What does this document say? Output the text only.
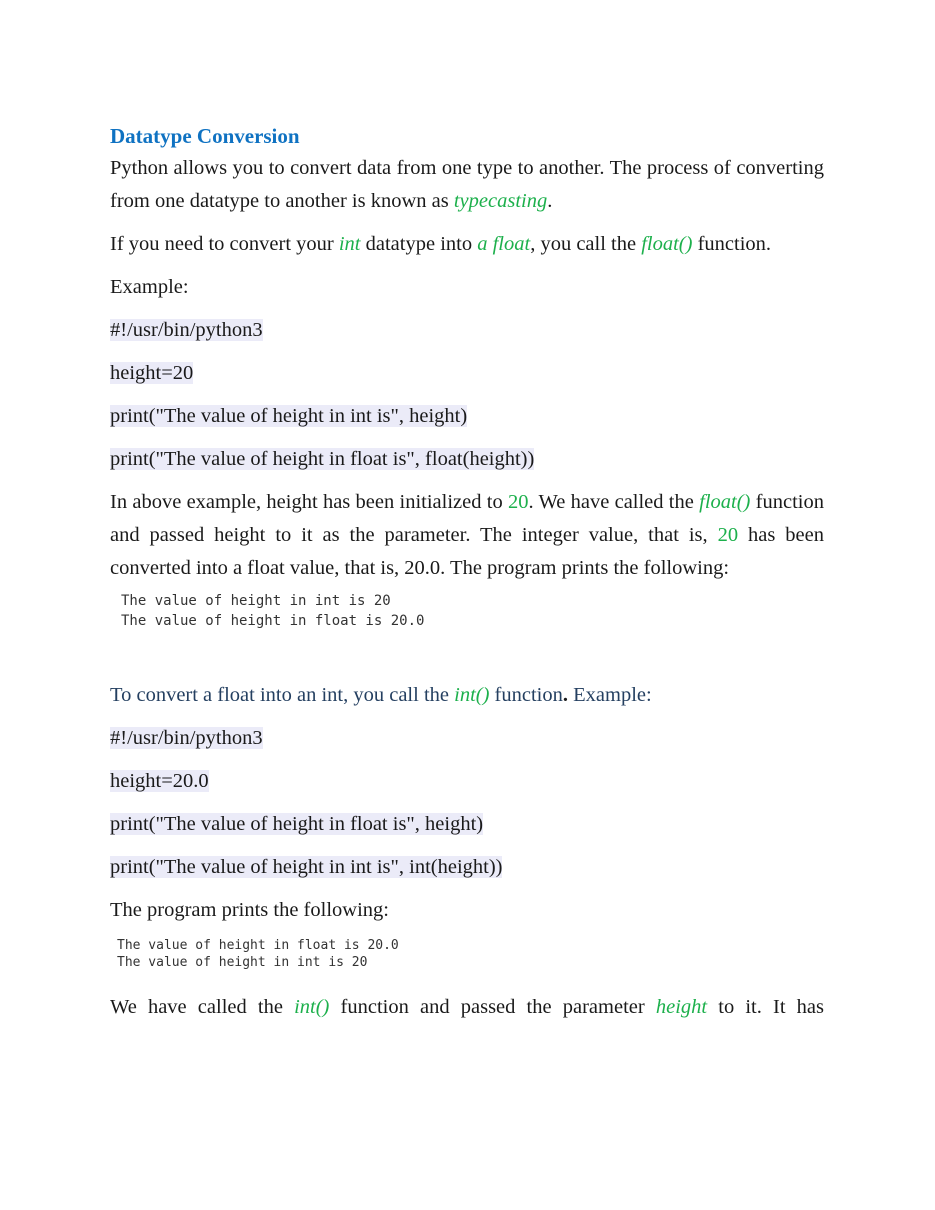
Datatype Conversion

Python allows you to convert data from one type to another. The process of converting from one datatype to another is known as typecasting.

If you need to convert your int datatype into a float, you call the float() function.

Example:

#!/usr/bin/python3

height=20

print("The value of height in int is", height)

print("The value of height in float is", float(height))

In above example, height has been initialized to 20. We have called the float() function and passed height to it as the parameter. The integer value, that is, 20 has been converted into a float value, that is, 20.0. The program prints the following:

The value of height in int is 20
The value of height in float is 20.0

To convert a float into an int, you call the int() function. Example:

#!/usr/bin/python3

height=20.0

print("The value of height in float is", height)

print("The value of height in int is", int(height))

The program prints the following:

The value of height in float is 20.0
The value of height in int is 20

We have called the int() function and passed the parameter height to it. It has
